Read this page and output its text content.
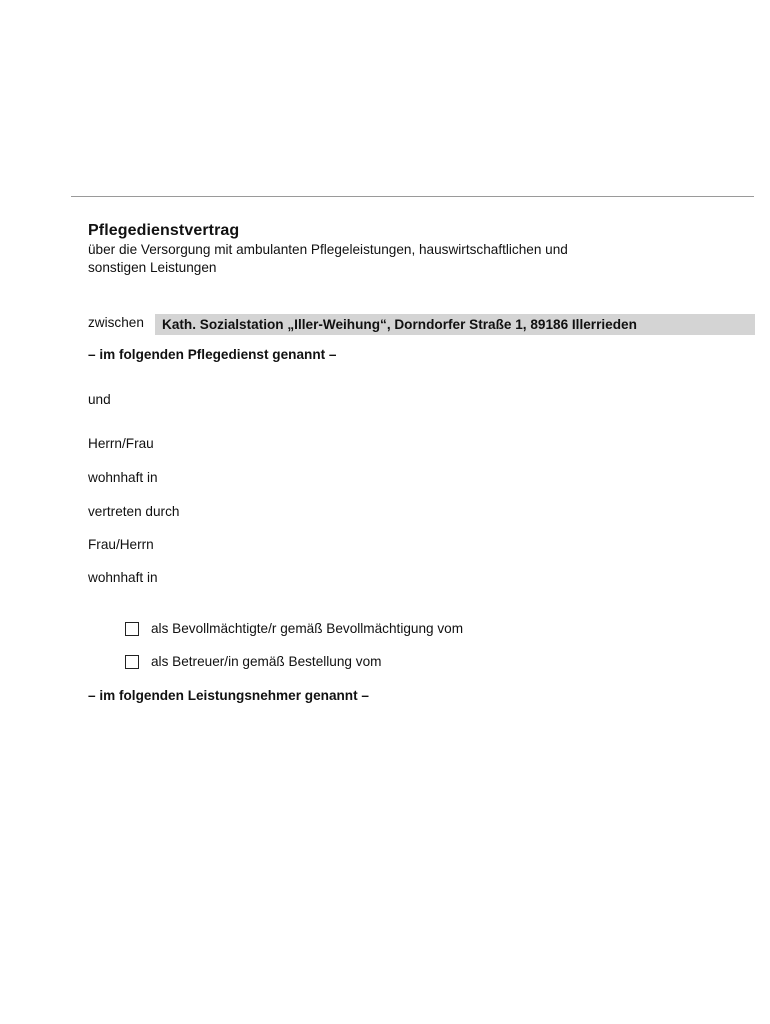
Pflegedienstvertrag
über die Versorgung mit ambulanten Pflegeleistungen, hauswirtschaftlichen und
sonstigen Leistungen
zwischen	Kath. Sozialstation „Iller-Weihung“, Dorndorfer Straße 1, 89186 Illerrieden
– im folgenden Pflegedienst genannt –
und
Herrn/Frau
wohnhaft in
vertreten durch
Frau/Herrn
wohnhaft in
als Bevollmächtigte/r gemäß Bevollmächtigung vom
als Betreuer/in gemäß Bestellung vom
– im folgenden Leistungsnehmer genannt –
